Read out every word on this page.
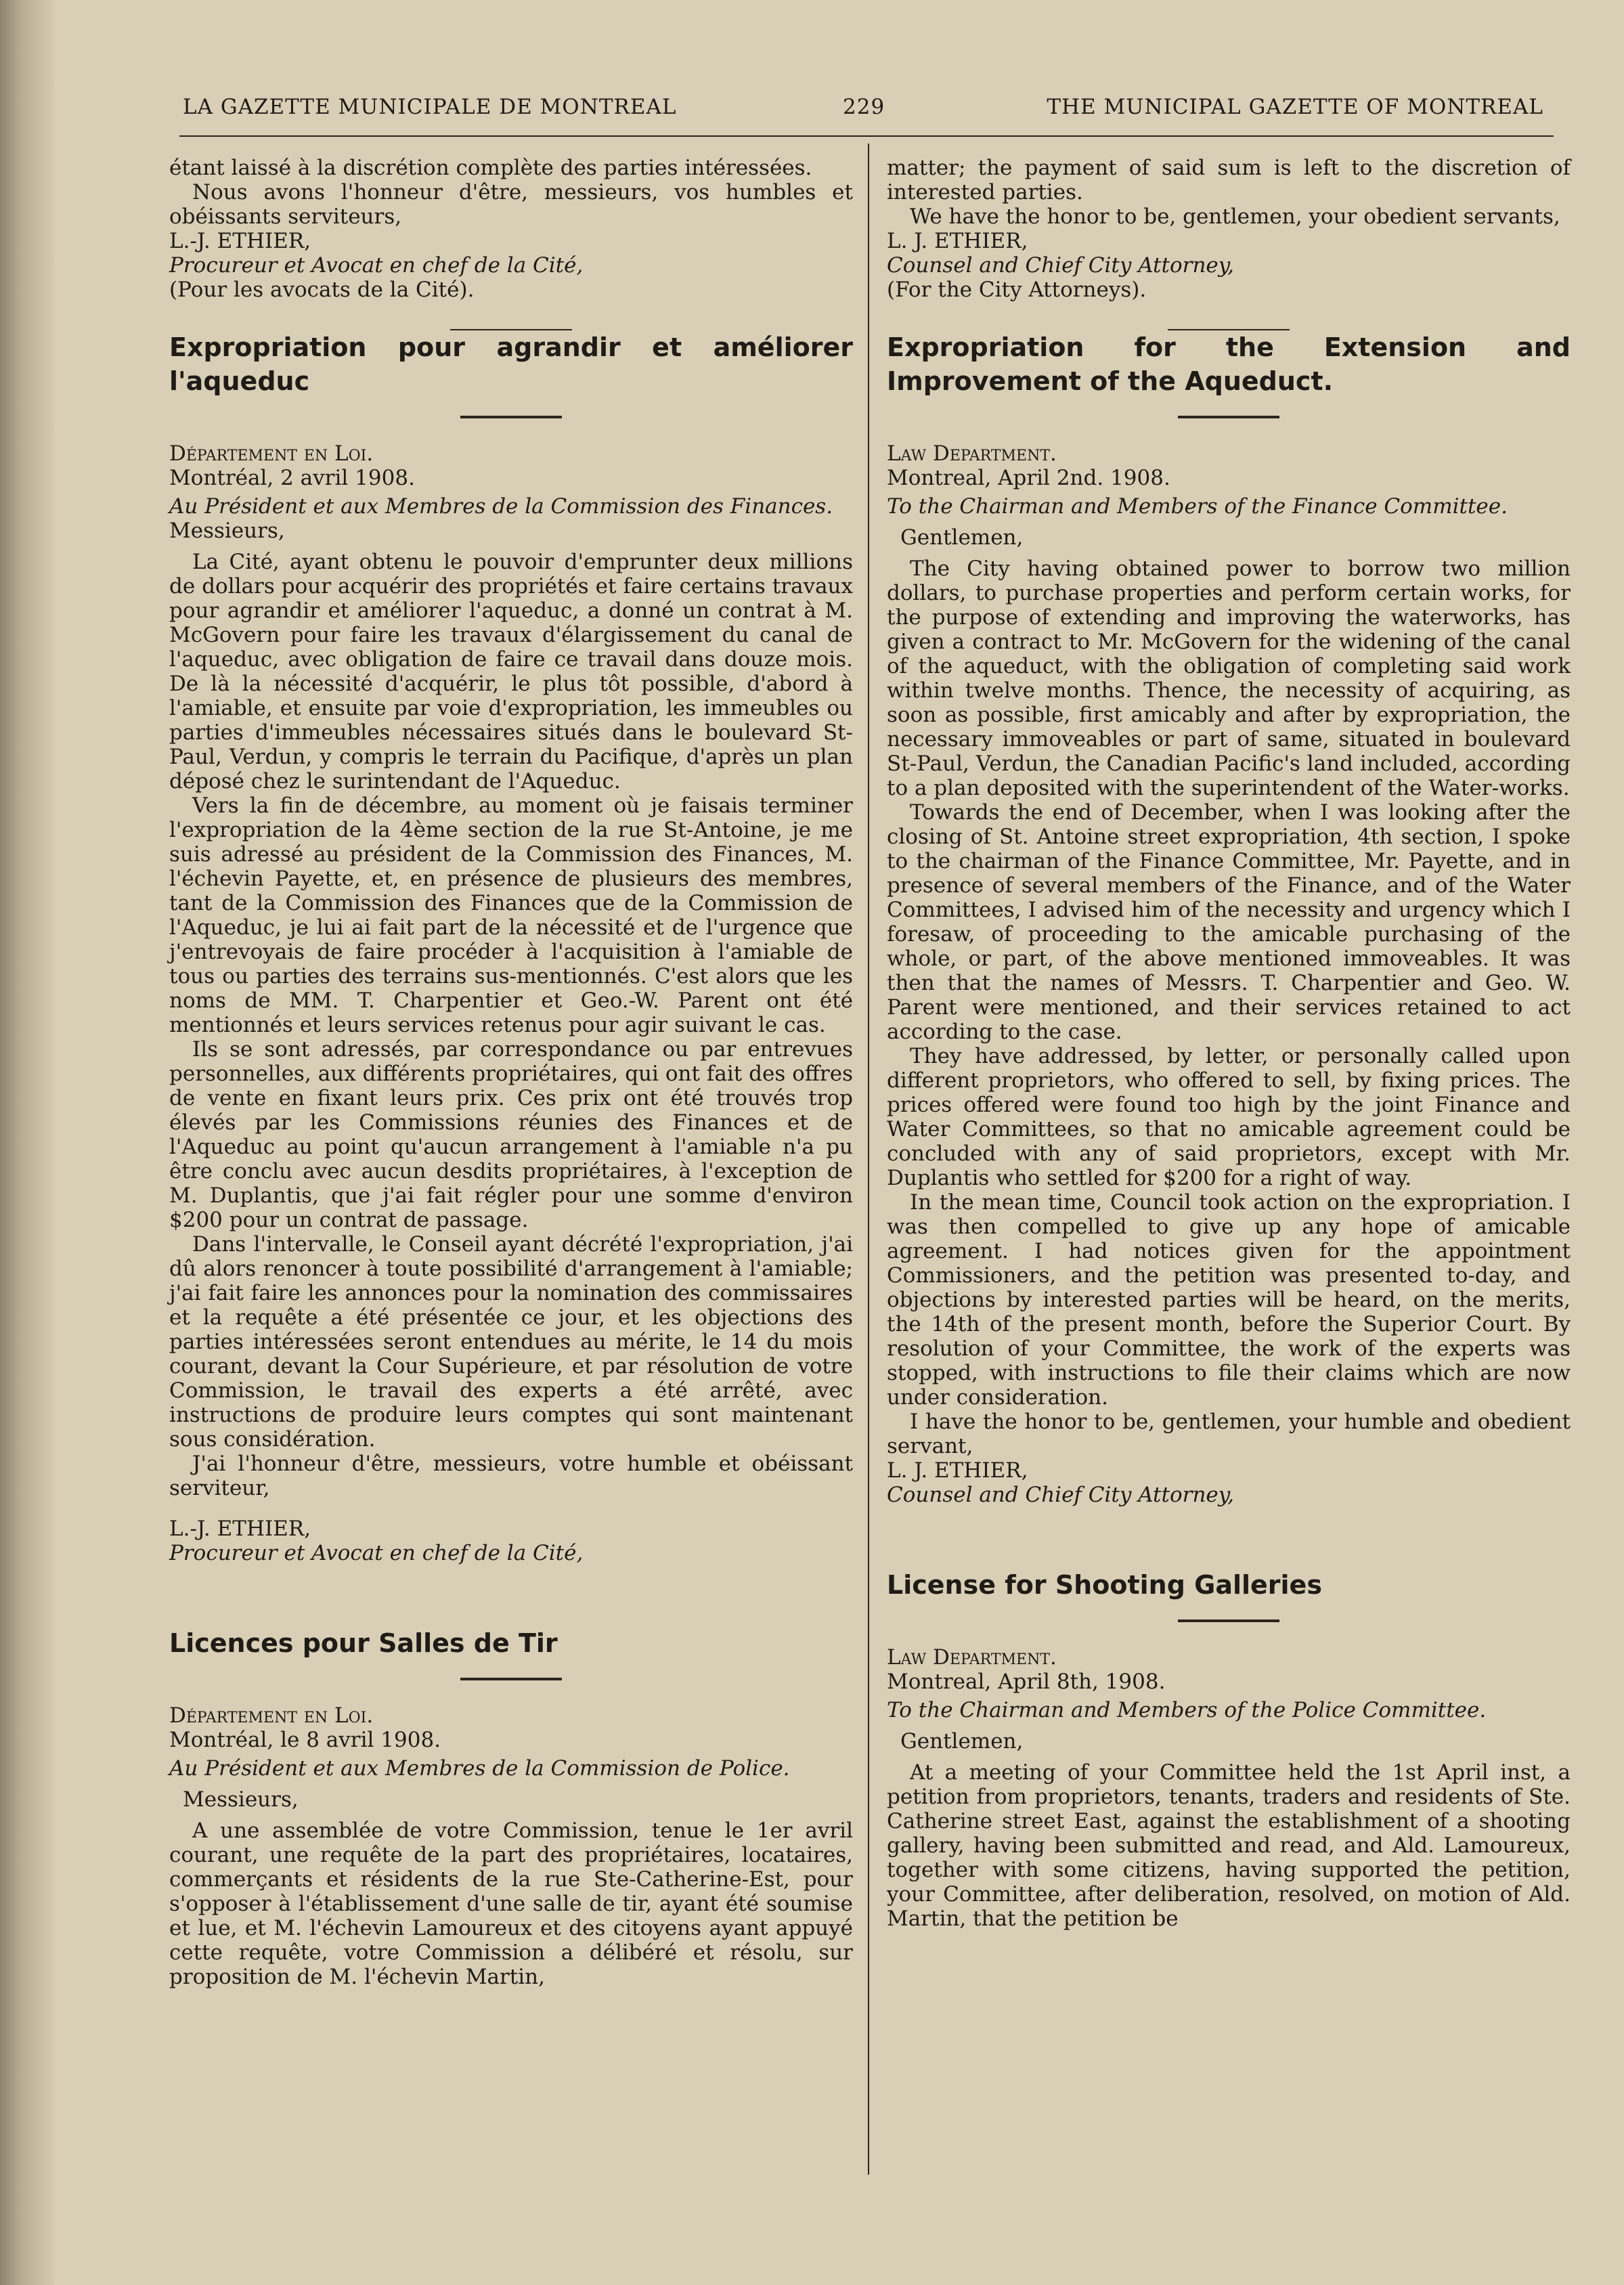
LA GAZETTE MUNICIPALE DE MONTREAL	229	THE MUNICIPAL GAZETTE OF MONTREAL

étant laissé à la discrétion complète des parties intéressées.

Nous avons l'honneur d'être, messieurs, vos humbles et obéissants serviteurs,

L.-J. ETHIER,

Procureur et Avocat en chef de la Cité,

(Pour les avocats de la Cité).

Expropriation pour agrandir et améliorer l'aqueduc

Département en Loi.

Montréal, 2 avril 1908.

Au Président et aux Membres de la Commission des Finances.

Messieurs,

La Cité, ayant obtenu le pouvoir d'emprunter deux millions de dollars pour acquérir des propriétés et faire certains travaux pour agrandir et améliorer l'aqueduc, a donné un contrat à M. McGovern pour faire les travaux d'élargissement du canal de l'aqueduc, avec obligation de faire ce travail dans douze mois. De là la nécessité d'acquérir, le plus tôt possible, d'abord à l'amiable, et ensuite par voie d'expropriation, les immeubles ou parties d'immeubles nécessaires situés dans le boulevard St-Paul, Verdun, y compris le terrain du Pacifique, d'après un plan déposé chez le surintendant de l'Aqueduc.

Vers la fin de décembre, au moment où je faisais terminer l'expropriation de la 4ème section de la rue St-Antoine, je me suis adressé au président de la Commission des Finances, M. l'échevin Payette, et, en présence de plusieurs des membres, tant de la Commission des Finances que de la Commission de l'Aqueduc, je lui ai fait part de la nécessité et de l'urgence que j'entrevoyais de faire procéder à l'acquisition à l'amiable de tous ou parties des terrains sus-mentionnés. C'est alors que les noms de MM. T. Charpentier et Geo.-W. Parent ont été mentionnés et leurs services retenus pour agir suivant le cas.

Ils se sont adressés, par correspondance ou par entrevues personnelles, aux différents propriétaires, qui ont fait des offres de vente en fixant leurs prix. Ces prix ont été trouvés trop élevés par les Commissions réunies des Finances et de l'Aqueduc au point qu'aucun arrangement à l'amiable n'a pu être conclu avec aucun desdits propriétaires, à l'exception de M. Duplantis, que j'ai fait régler pour une somme d'environ $200 pour un contrat de passage.

Dans l'intervalle, le Conseil ayant décrété l'expropriation, j'ai dû alors renoncer à toute possibilité d'arrangement à l'amiable; j'ai fait faire les annonces pour la nomination des commissaires et la requête a été présentée ce jour, et les objections des parties intéressées seront entendues au mérite, le 14 du mois courant, devant la Cour Supérieure, et par résolution de votre Commission, le travail des experts a été arrêté, avec instructions de produire leurs comptes qui sont maintenant sous considération.

J'ai l'honneur d'être, messieurs, votre humble et obéissant serviteur,

L.-J. ETHIER,

Procureur et Avocat en chef de la Cité,

Licences pour Salles de Tir

Département en Loi.

Montréal, le 8 avril 1908.

Au Président et aux Membres de la Commission de Police.

Messieurs,

A une assemblée de votre Commission, tenue le 1er avril courant, une requête de la part des propriétaires, locataires, commerçants et résidents de la rue Ste-Catherine-Est, pour s'opposer à l'établissement d'une salle de tir, ayant été soumise et lue, et M. l'échevin Lamoureux et des citoyens ayant appuyé cette requête, votre Commission a délibéré et résolu, sur proposition de M. l'échevin Martin,

matter; the payment of said sum is left to the discretion of interested parties.

We have the honor to be, gentlemen, your obedient servants,

L. J. ETHIER,

Counsel and Chief City Attorney,

(For the City Attorneys).

Expropriation for the Extension and Improvement of the Aqueduct.

Law Department.

Montreal, April 2nd. 1908.

To the Chairman and Members of the Finance Committee.

Gentlemen,

The City having obtained power to borrow two million dollars, to purchase properties and perform certain works, for the purpose of extending and improving the waterworks, has given a contract to Mr. McGovern for the widening of the canal of the aqueduct, with the obligation of completing said work within twelve months. Thence, the necessity of acquiring, as soon as possible, first amicably and after by expropriation, the necessary immoveables or part of same, situated in boulevard St-Paul, Verdun, the Canadian Pacific's land included, according to a plan deposited with the superintendent of the Water-works.

Towards the end of December, when I was looking after the closing of St. Antoine street expropriation, 4th section, I spoke to the chairman of the Finance Committee, Mr. Payette, and in presence of several members of the Finance, and of the Water Committees, I advised him of the necessity and urgency which I foresaw, of proceeding to the amicable purchasing of the whole, or part, of the above mentioned immoveables. It was then that the names of Messrs. T. Charpentier and Geo. W. Parent were mentioned, and their services retained to act according to the case.

They have addressed, by letter, or personally called upon different proprietors, who offered to sell, by fixing prices. The prices offered were found too high by the joint Finance and Water Committees, so that no amicable agreement could be concluded with any of said proprietors, except with Mr. Duplantis who settled for $200 for a right of way.

In the mean time, Council took action on the expropriation. I was then compelled to give up any hope of amicable agreement. I had notices given for the appointment Commissioners, and the petition was presented to-day, and objections by interested parties will be heard, on the merits, the 14th of the present month, before the Superior Court. By resolution of your Committee, the work of the experts was stopped, with instructions to file their claims which are now under consideration.

I have the honor to be, gentlemen, your humble and obedient servant,

L. J. ETHIER,

Counsel and Chief City Attorney,

License for Shooting Galleries

Law Department.

Montreal, April 8th, 1908.

To the Chairman and Members of the Police Committee.

Gentlemen,

At a meeting of your Committee held the 1st April inst, a petition from proprietors, tenants, traders and residents of Ste. Catherine street East, against the establishment of a shooting gallery, having been submitted and read, and Ald. Lamoureux, together with some citizens, having supported the petition, your Committee, after deliberation, resolved, on motion of Ald. Martin, that the petition be
